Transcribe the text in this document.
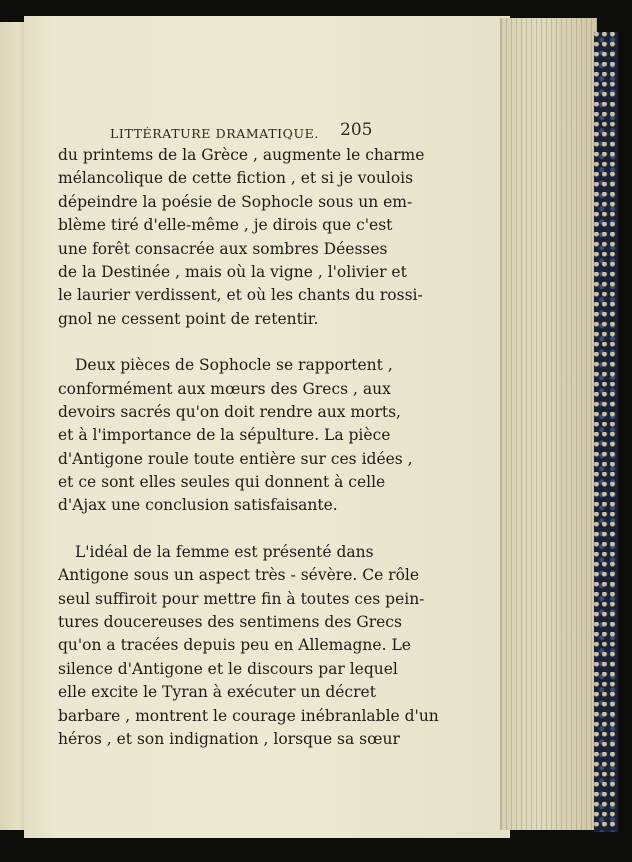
LITTÉRATURE DRAMATIQUE. 205
du printems de la Grèce , augmente le charme
mélancolique de cette fiction , et si je voulois
dépeindre la poésie de Sophocle sous un em-
blème tiré d'elle-même , je dirois que c'est
une forêt consacrée aux sombres Déesses
de la Destinée , mais où la vigne , l'olivier et
le laurier verdissent, et où les chants du rossi-
gnol ne cessent point de retentir.
Deux pièces de Sophocle se rapportent ,
conformément aux mœurs des Grecs , aux
devoirs sacrés qu'on doit rendre aux morts,
et à l'importance de la sépulture. La pièce
d'Antigone roule toute entière sur ces idées ,
et ce sont elles seules qui donnent à celle
d'Ajax une conclusion satisfaisante.
L'idéal de la femme est présenté dans
Antigone sous un aspect très - sévère. Ce rôle
seul suffiroit pour mettre fin à toutes ces pein-
tures doucereuses des sentimens des Grecs
qu'on a tracées depuis peu en Allemagne. Le
silence d'Antigone et le discours par lequel
elle excite le Tyran à exécuter un décret
barbare , montrent le courage inébranlable d'un
héros , et son indignation , lorsque sa sœur
